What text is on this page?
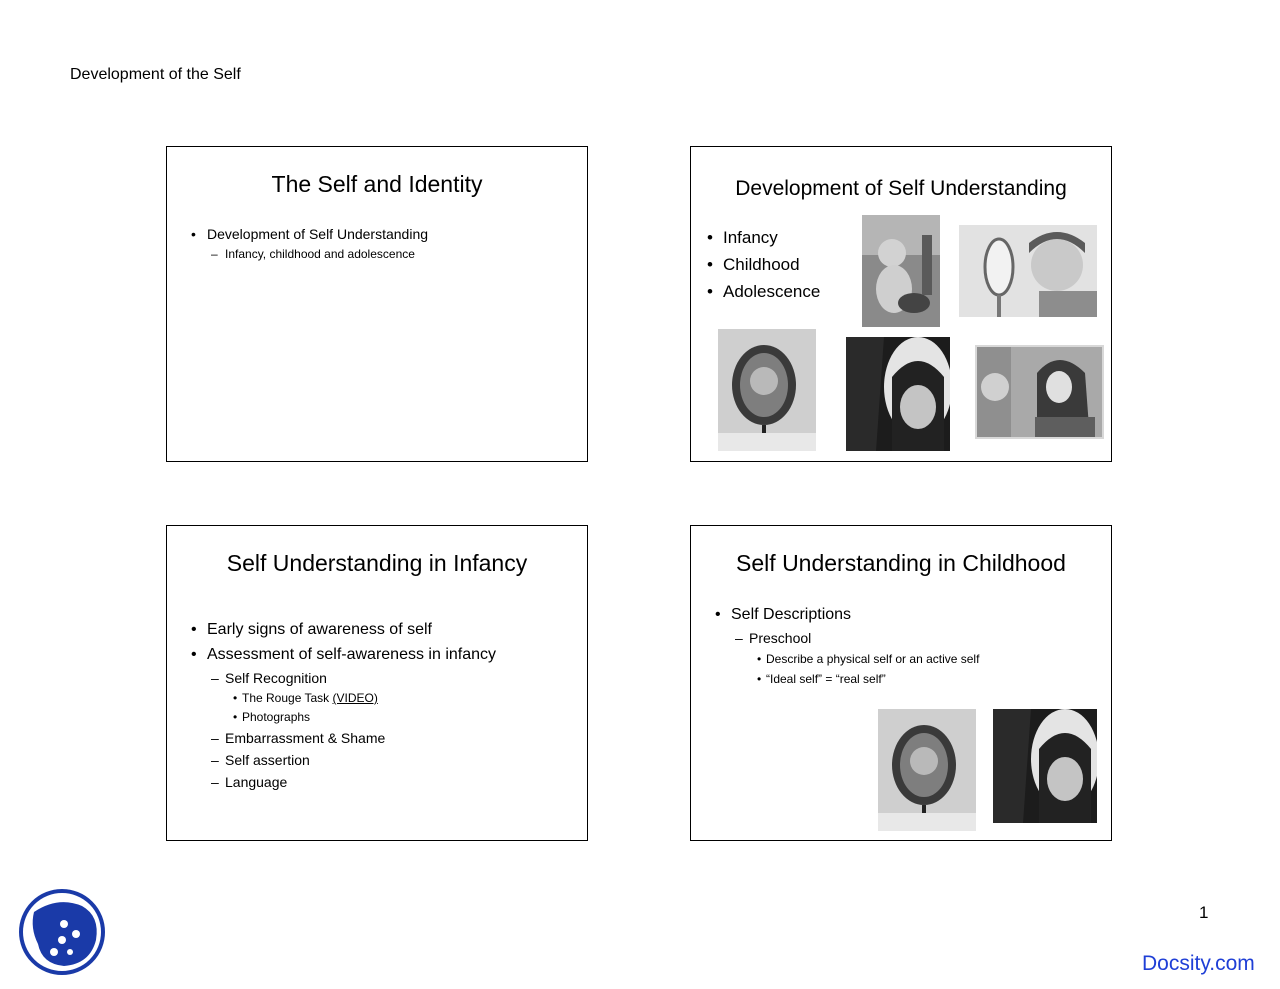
Development of the Self
The Self and Identity
• Development of Self Understanding
– Infancy, childhood and adolescence
Development of Self Understanding
• Infancy
• Childhood
• Adolescence
Self Understanding in Infancy
• Early signs of awareness of self
• Assessment of self-awareness in infancy
– Self Recognition
• The Rouge Task (VIDEO)
• Photographs
– Embarrassment & Shame
– Self assertion
– Language
Self Understanding in Childhood
• Self Descriptions
– Preschool
• Describe a physical self or an active self
• “Ideal self” = “real self”
1
Docsity.com
